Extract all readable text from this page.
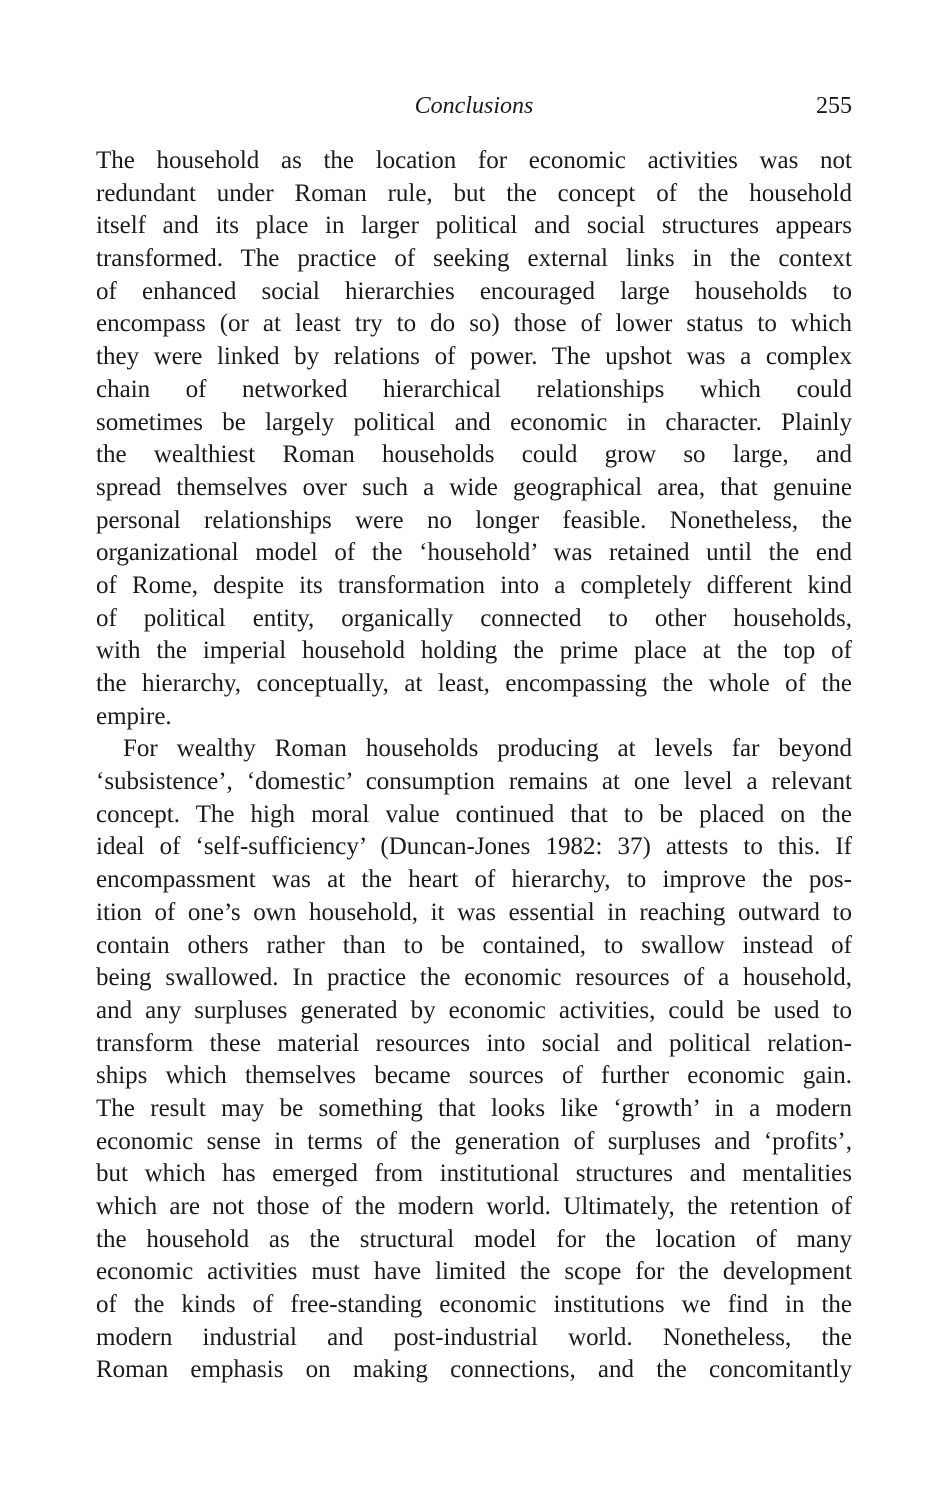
Conclusions	255
The household as the location for economic activities was not
redundant under Roman rule, but the concept of the household
itself and its place in larger political and social structures appears
transformed. The practice of seeking external links in the context
of enhanced social hierarchies encouraged large households to
encompass (or at least try to do so) those of lower status to which
they were linked by relations of power. The upshot was a complex
chain of networked hierarchical relationships which could
sometimes be largely political and economic in character. Plainly
the wealthiest Roman households could grow so large, and
spread themselves over such a wide geographical area, that genuine
personal relationships were no longer feasible. Nonetheless, the
organizational model of the ‘household’ was retained until the end
of Rome, despite its transformation into a completely different kind
of political entity, organically connected to other households,
with the imperial household holding the prime place at the top of
the hierarchy, conceptually, at least, encompassing the whole of the
empire.
For wealthy Roman households producing at levels far beyond
‘subsistence’, ‘domestic’ consumption remains at one level a relevant
concept. The high moral value continued that to be placed on the
ideal of ‘self-sufficiency’ (Duncan-Jones 1982: 37) attests to this. If
encompassment was at the heart of hierarchy, to improve the pos-
ition of one’s own household, it was essential in reaching outward to
contain others rather than to be contained, to swallow instead of
being swallowed. In practice the economic resources of a household,
and any surpluses generated by economic activities, could be used to
transform these material resources into social and political relation-
ships which themselves became sources of further economic gain.
The result may be something that looks like ‘growth’ in a modern
economic sense in terms of the generation of surpluses and ‘profits’,
but which has emerged from institutional structures and mentalities
which are not those of the modern world. Ultimately, the retention of
the household as the structural model for the location of many
economic activities must have limited the scope for the development
of the kinds of free-standing economic institutions we find in the
modern industrial and post-industrial world. Nonetheless, the
Roman emphasis on making connections, and the concomitantly
